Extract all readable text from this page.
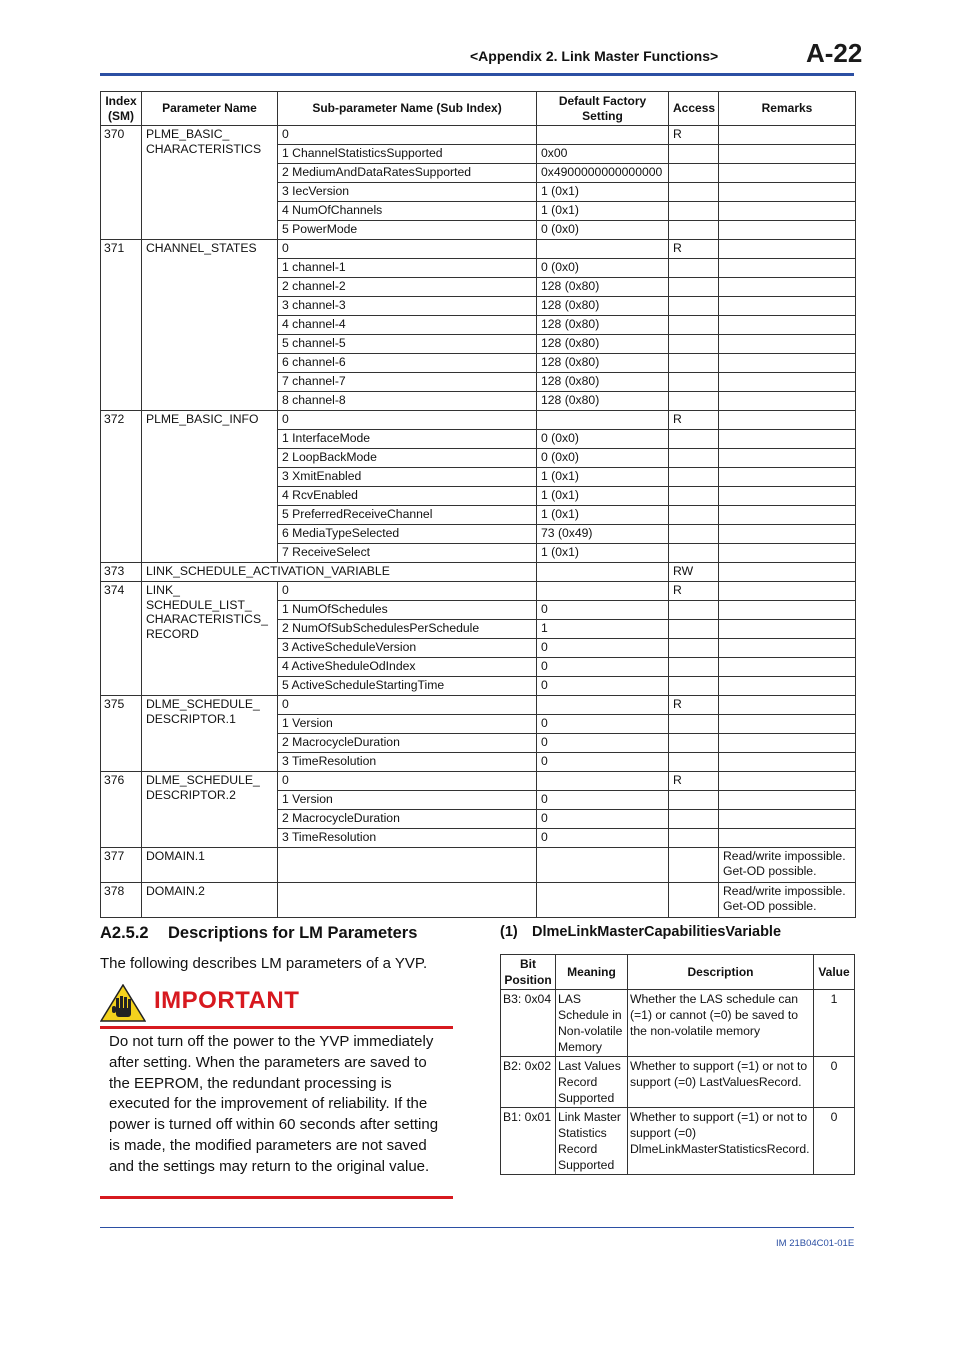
<Appendix 2. Link Master Functions>	A-22
Index (SM)	Parameter Name	Sub-parameter Name (Sub Index)	Default Factory Setting	Access	Remarks
370	PLME_BASIC_ CHARACTERISTICS	0		R	
		1 ChannelStatisticsSupported	0x00		
		2 MediumAndDataRatesSupported	0x4900000000000000		
		3 IecVersion	1 (0x1)		
		4 NumOfChannels	1 (0x1)		
		5 PowerMode	0 (0x0)		
371	CHANNEL_STATES	0		R	
		1 channel-1	0 (0x0)		
		2 channel-2	128 (0x80)		
		3 channel-3	128 (0x80)		
		4 channel-4	128 (0x80)		
		5 channel-5	128 (0x80)		
		6 channel-6	128 (0x80)		
		7 channel-7	128 (0x80)		
		8 channel-8	128 (0x80)		
372	PLME_BASIC_INFO	0		R	
		1 InterfaceMode	0 (0x0)		
		2 LoopBackMode	0 (0x0)		
		3 XmitEnabled	1 (0x1)		
		4 RcvEnabled	1 (0x1)		
		5 PreferredReceiveChannel	1 (0x1)		
		6 MediaTypeSelected	73 (0x49)		
		7 ReceiveSelect	1 (0x1)		
373	LINK_SCHEDULE_ACTIVATION_VARIABLE			RW	
374	LINK_ SCHEDULE_LIST_ CHARACTERISTICS_ RECORD	0		R	
		1 NumOfSchedules	0		
		2 NumOfSubSchedulesPerSchedule	1		
		3 ActiveScheduleVersion	0		
		4 ActiveSheduleOdIndex	0		
		5 ActiveScheduleStartingTime	0		
375	DLME_SCHEDULE_ DESCRIPTOR.1	0		R	
		1 Version	0		
		2 MacrocycleDuration	0		
		3 TimeResolution	0		
376	DLME_SCHEDULE_ DESCRIPTOR.2	0		R	
		1 Version	0		
		2 MacrocycleDuration	0		
		3 TimeResolution	0		
377	DOMAIN.1				Read/write impossible. Get-OD possible.
378	DOMAIN.2				Read/write impossible. Get-OD possible.
A2.5.2 Descriptions for LM Parameters
The following describes LM parameters of a YVP.
IMPORTANT
Do not turn off the power to the YVP immediately after setting. When the parameters are saved to the EEPROM, the redundant processing is executed for the improvement of reliability. If the power is turned off within 60 seconds after setting is made, the modified parameters are not saved and the settings may return to the original value.
(1) DlmeLinkMasterCapabilitiesVariable
Bit Position	Meaning	Description	Value
B3: 0x04	LAS Schedule in Non-volatile Memory	Whether the LAS schedule can (=1) or cannot (=0) be saved to the non-volatile memory	1
B2: 0x02	Last Values Record Supported	Whether to support (=1) or not to support (=0) LastValuesRecord.	0
B1: 0x01	Link Master Statistics Record Supported	Whether to support (=1) or not to support (=0) DlmeLinkMasterStatisticsRecord.	0
IM 21B04C01-01E
